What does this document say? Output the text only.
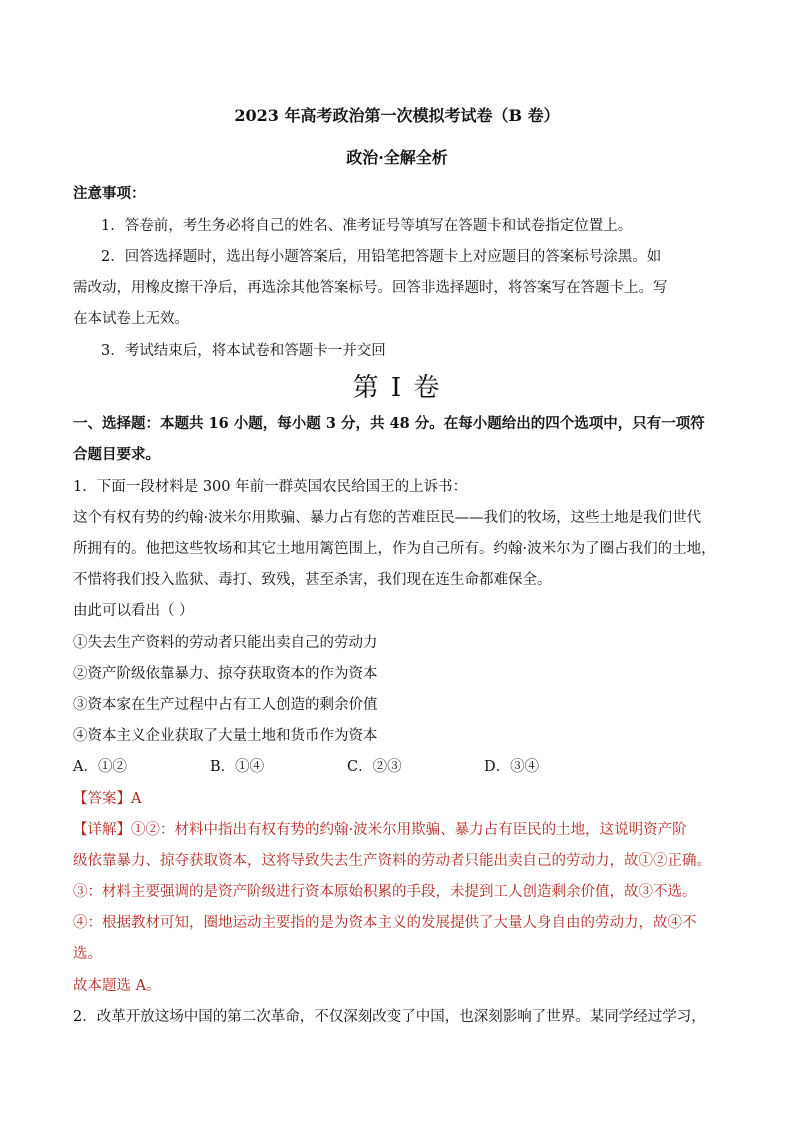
2023 年高考政治第一次模拟考试卷（B 卷）
政治·全解全析
注意事项：
1．答卷前，考生务必将自己的姓名、准考证号等填写在答题卡和试卷指定位置上。
2．回答选择题时，选出每小题答案后，用铅笔把答题卡上对应题目的答案标号涂黑。如
需改动，用橡皮擦干净后，再选涂其他答案标号。回答非选择题时，将答案写在答题卡上。写
在本试卷上无效。
3．考试结束后，将本试卷和答题卡一并交回
第 I 卷
一、选择题：本题共 16 小题，每小题 3 分，共 48 分。在每小题给出的四个选项中，只有一项符
合题目要求。
1．下面一段材料是 300 年前一群英国农民给国王的上诉书：
这个有权有势的约翰·波米尔用欺骗、暴力占有您的苦难臣民——我们的牧场，这些土地是我们世代
所拥有的。他把这些牧场和其它土地用篱笆围上，作为自己所有。约翰·波米尔为了圈占我们的土地，
不惜将我们投入监狱、毒打、致残，甚至杀害，我们现在连生命都难保全。
由此可以看出（ ）
①失去生产资料的劳动者只能出卖自己的劳动力
②资产阶级依靠暴力、掠夺获取资本的作为资本
③资本家在生产过程中占有工人创造的剩余价值
④资本主义企业获取了大量土地和货币作为资本
A．①②	B．①④	C．②③	D．③④
【答案】A
【详解】①②：材料中指出有权有势的约翰·波米尔用欺骗、暴力占有臣民的土地，这说明资产阶
级依靠暴力、掠夺获取资本，这将导致失去生产资料的劳动者只能出卖自己的劳动力，故①②正确。
③：材料主要强调的是资产阶级进行资本原始积累的手段，未提到工人创造剩余价值，故③不选。
④：根据教材可知，圈地运动主要指的是为资本主义的发展提供了大量人身自由的劳动力，故④不
选。
故本题选 A。
2．改革开放这场中国的第二次革命，不仅深刻改变了中国，也深刻影响了世界。某同学经过学习，
